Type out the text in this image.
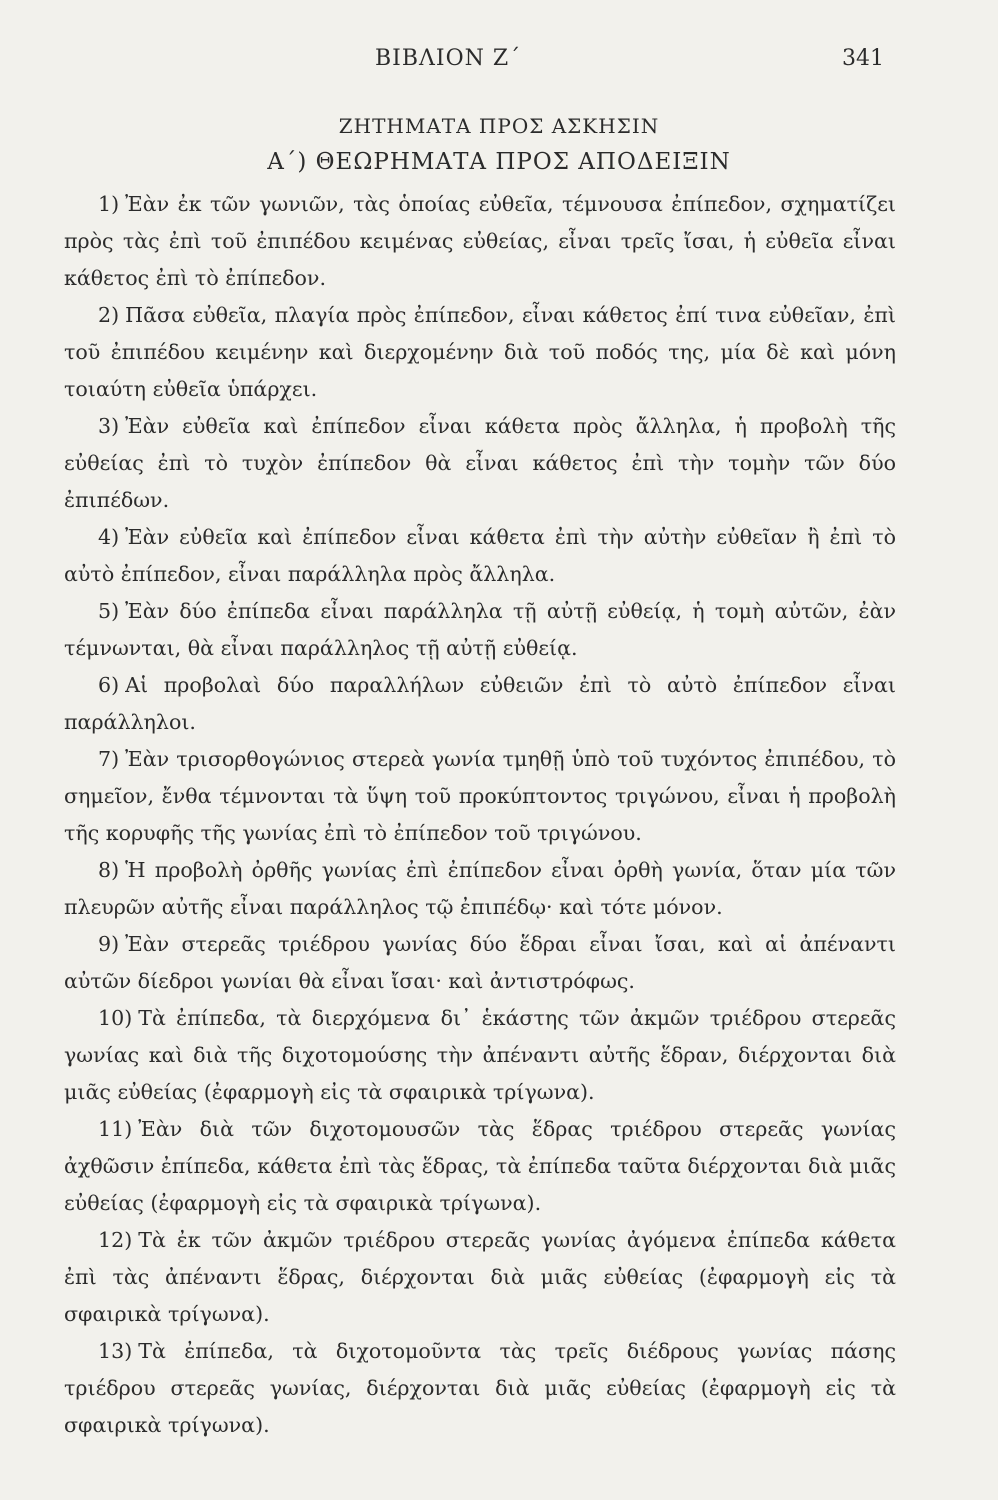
ΒΙΒΛΙΟΝ Ζ΄	341
ΖΗΤΗΜΑΤΑ ΠΡΟΣ ΑΣΚΗΣΙΝ
Α΄) ΘΕΩΡΗΜΑΤΑ ΠΡΟΣ ΑΠΟΔΕΙΞΙΝ

1) Ἐὰν ἐκ τῶν γωνιῶν, τὰς ὁποίας εὐθεῖα, τέμνουσα ἐπίπεδον, σχηματίζει πρὸς τὰς ἐπὶ τοῦ ἐπιπέδου κειμένας εὐθείας, εἶναι τρεῖς ἴσαι, ἡ εὐθεῖα εἶναι κάθετος ἐπὶ τὸ ἐπίπεδον.

2) Πᾶσα εὐθεῖα, πλαγία πρὸς ἐπίπεδον, εἶναι κάθετος ἐπί τινα εὐθεῖαν, ἐπὶ τοῦ ἐπιπέδου κειμένην καὶ διερχομένην διὰ τοῦ ποδός της, μία δὲ καὶ μόνη τοιαύτη εὐθεῖα ὑπάρχει.

3) Ἐὰν εὐθεῖα καὶ ἐπίπεδον εἶναι κάθετα πρὸς ἄλληλα, ἡ προβολὴ τῆς εὐθείας ἐπὶ τὸ τυχὸν ἐπίπεδον θὰ εἶναι κάθετος ἐπὶ τὴν τομὴν τῶν δύο ἐπιπέδων.

4) Ἐὰν εὐθεῖα καὶ ἐπίπεδον εἶναι κάθετα ἐπὶ τὴν αὐτὴν εὐθεῖαν ἢ ἐπὶ τὸ αὐτὸ ἐπίπεδον, εἶναι παράλληλα πρὸς ἄλληλα.

5) Ἐὰν δύο ἐπίπεδα εἶναι παράλληλα τῇ αὐτῇ εὐθείᾳ, ἡ τομὴ αὐτῶν, ἐὰν τέμνωνται, θὰ εἶναι παράλληλος τῇ αὐτῇ εὐθείᾳ.

6) Αἱ προβολαὶ δύο παραλλήλων εὐθειῶν ἐπὶ τὸ αὐτὸ ἐπίπεδον εἶναι παράλληλοι.

7) Ἐὰν τρισορθογώνιος στερεὰ γωνία τμηθῇ ὑπὸ τοῦ τυχόντος ἐπιπέδου, τὸ σημεῖον, ἔνθα τέμνονται τὰ ὕψη τοῦ προκύπτοντος τριγώνου, εἶναι ἡ προβολὴ τῆς κορυφῆς τῆς γωνίας ἐπὶ τὸ ἐπίπεδον τοῦ τριγώνου.

8) Ἡ προβολὴ ὀρθῆς γωνίας ἐπὶ ἐπίπεδον εἶναι ὀρθὴ γωνία, ὅταν μία τῶν πλευρῶν αὐτῆς εἶναι παράλληλος τῷ ἐπιπέδῳ· καὶ τότε μόνον.

9) Ἐὰν στερεᾶς τριέδρου γωνίας δύο ἕδραι εἶναι ἴσαι, καὶ αἱ ἀπέναντι αὐτῶν δίεδροι γωνίαι θὰ εἶναι ἴσαι· καὶ ἀντιστρόφως.

10) Τὰ ἐπίπεδα, τὰ διερχόμενα δι᾽ ἑκάστης τῶν ἀκμῶν τριέδρου στερεᾶς γωνίας καὶ διὰ τῆς διχοτομούσης τὴν ἀπέναντι αὐτῆς ἕδραν, διέρχονται διὰ μιᾶς εὐθείας (ἐφαρμογὴ εἰς τὰ σφαιρικὰ τρίγωνα).

11) Ἐὰν διὰ τῶν διχοτομουσῶν τὰς ἕδρας τριέδρου στερεᾶς γωνίας ἀχθῶσιν ἐπίπεδα, κάθετα ἐπὶ τὰς ἕδρας, τὰ ἐπίπεδα ταῦτα διέρχονται διὰ μιᾶς εὐθείας (ἐφαρμογὴ εἰς τὰ σφαιρικὰ τρίγωνα).

12) Τὰ ἐκ τῶν ἀκμῶν τριέδρου στερεᾶς γωνίας ἀγόμενα ἐπίπεδα κάθετα ἐπὶ τὰς ἀπέναντι ἕδρας, διέρχονται διὰ μιᾶς εὐθείας (ἐφαρμογὴ εἰς τὰ σφαιρικὰ τρίγωνα).

13) Τὰ ἐπίπεδα, τὰ διχοτομοῦντα τὰς τρεῖς διέδρους γωνίας πάσης τριέδρου στερεᾶς γωνίας, διέρχονται διὰ μιᾶς εὐθείας (ἐφαρμογὴ εἰς τὰ σφαιρικὰ τρίγωνα).
